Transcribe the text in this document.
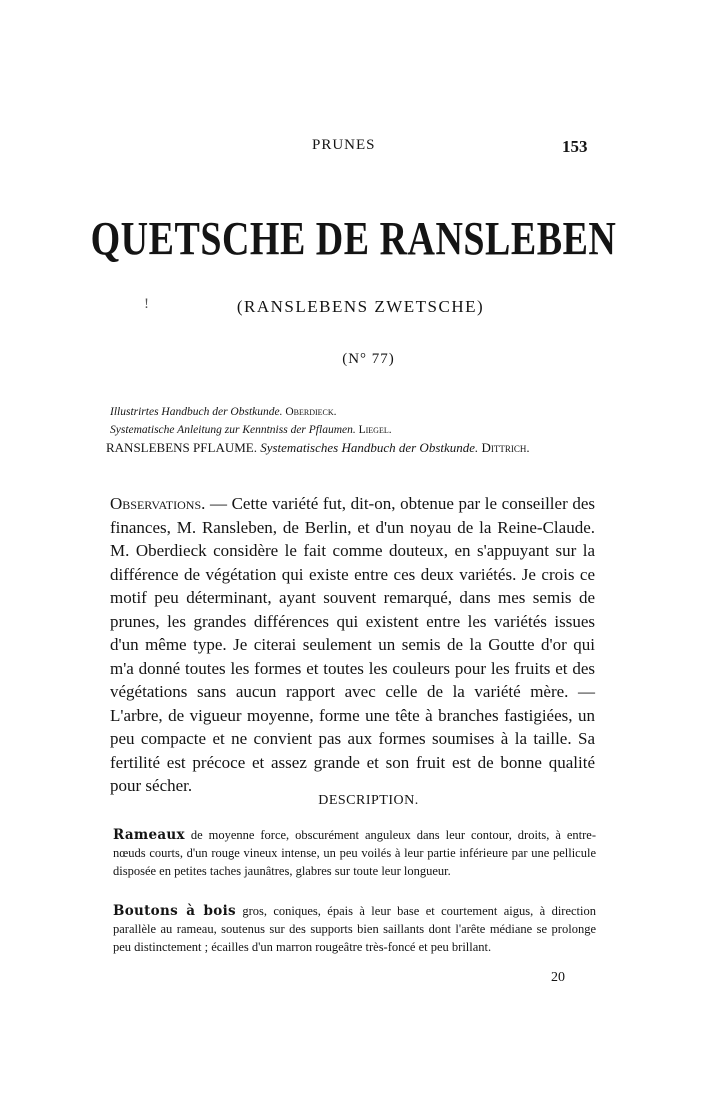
PRUNES	153
QUETSCHE DE RANSLEBEN
!	(RANSLEBENS ZWETSCHE)
(N° 77)
Illustrirtes Handbuch der Obstkunde. Oberdieck.
Systematische Anleitung zur Kenntniss der Pflaumen. Liegel.
RANSLEBENS PFLAUME. Systematisches Handbuch der Obstkunde. Dittrich.
Observations. — Cette variété fut, dit-on, obtenue par le conseiller des finances, M. Ransleben, de Berlin, et d'un noyau de la Reine-Claude. M. Oberdieck considère le fait comme douteux, en s'appuyant sur la différence de végétation qui existe entre ces deux variétés. Je crois ce motif peu déterminant, ayant souvent remarqué, dans mes semis de prunes, les grandes différences qui existent entre les variétés issues d'un même type. Je citerai seulement un semis de la Goutte d'or qui m'a donné toutes les formes et toutes les couleurs pour les fruits et des végétations sans aucun rapport avec celle de la variété mère. — L'arbre, de vigueur moyenne, forme une tête à branches fastigiées, un peu compacte et ne convient pas aux formes soumises à la taille. Sa fertilité est précoce et assez grande et son fruit est de bonne qualité pour sécher.
DESCRIPTION.
Rameaux de moyenne force, obscurément anguleux dans leur contour, droits, à entre-nœuds courts, d'un rouge vineux intense, un peu voilés à leur partie inférieure par une pellicule disposée en petites taches jaunâtres, glabres sur toute leur longueur.
Boutons à bois gros, coniques, épais à leur base et courtement aigus, à direction parallèle au rameau, soutenus sur des supports bien saillants dont l'arête médiane se prolonge peu distinctement ; écailles d'un marron rougeâtre très-foncé et peu brillant.
20
